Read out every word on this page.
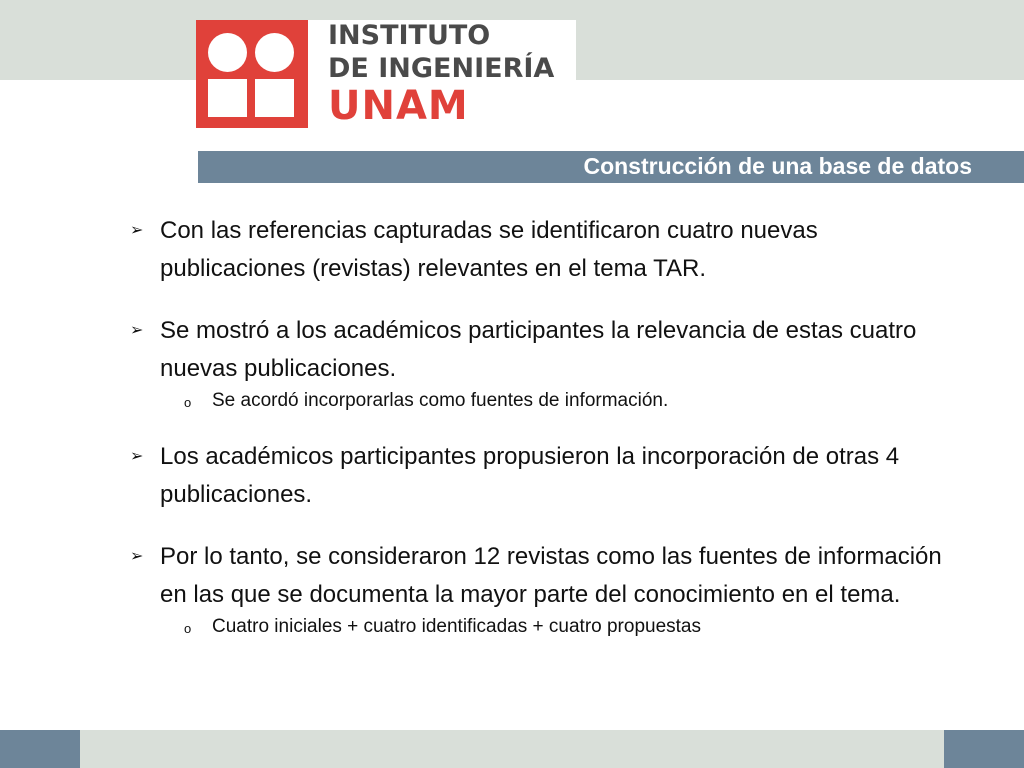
INSTITUTO
DE INGENIERÍA
UNAM
Construcción de una base de datos
➢ Con las referencias capturadas se identificaron cuatro nuevas publicaciones (revistas) relevantes en el tema TAR.
➢ Se mostró a los académicos participantes la relevancia de estas cuatro nuevas publicaciones.
o Se acordó incorporarlas como fuentes de información.
➢ Los académicos participantes propusieron la incorporación de otras 4 publicaciones.
➢ Por lo tanto, se consideraron 12 revistas como las fuentes de información en las que se documenta la mayor parte del conocimiento en el tema.
o Cuatro iniciales + cuatro identificadas + cuatro propuestas
